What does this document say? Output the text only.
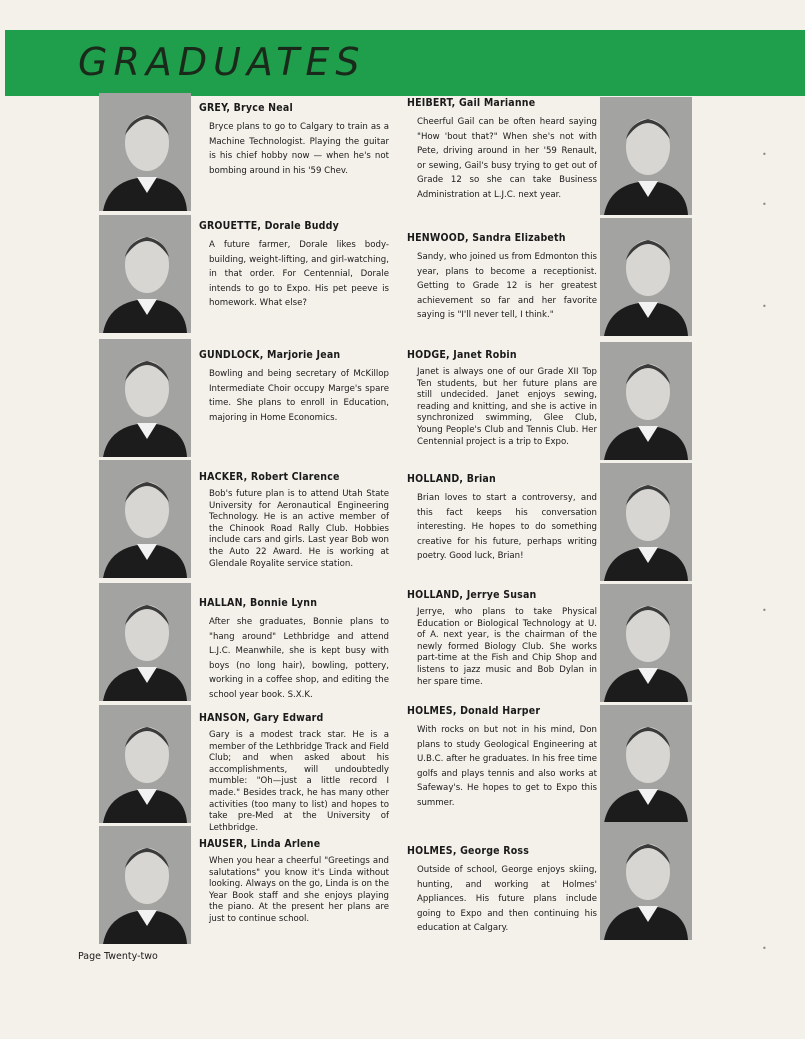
GRADUATES
GREY, Bryce Neal
Bryce plans to go to Calgary to train as a Machine Technologist. Playing the guitar is his chief hobby now — when he's not bombing around in his '59 Chev.
GROUETTE, Dorale Buddy
A future farmer, Dorale likes body-building, weight-lifting, and girl-watching, in that order. For Centennial, Dorale intends to go to Expo. His pet peeve is homework. What else?
GUNDLOCK, Marjorie Jean
Bowling and being secretary of McKillop Intermediate Choir occupy Marge's spare time. She plans to enroll in Education, majoring in Home Economics.
HACKER, Robert Clarence
Bob's future plan is to attend Utah State University for Aeronautical Engineering Technology. He is an active member of the Chinook Road Rally Club. Hobbies include cars and girls. Last year Bob won the Auto 22 Award. He is working at Glendale Royalite service station.
HALLAN, Bonnie Lynn
After she graduates, Bonnie plans to "hang around" Lethbridge and attend L.J.C. Meanwhile, she is kept busy with boys (no long hair), bowling, pottery, working in a coffee shop, and editing the school year book. S.X.K.
HANSON, Gary Edward
Gary is a modest track star. He is a member of the Lethbridge Track and Field Club; and when asked about his accomplishments, will undoubtedly mumble: "Oh—just a little record I made." Besides track, he has many other activities (too many to list) and hopes to take pre-Med at the University of Lethbridge.
HAUSER, Linda Arlene
When you hear a cheerful "Greetings and salutations" you know it's Linda without looking. Always on the go, Linda is on the Year Book staff and she enjoys playing the piano. At the present her plans are just to continue school.
HEIBERT, Gail Marianne
Cheerful Gail can be often heard saying "How 'bout that?" When she's not with Pete, driving around in her '59 Renault, or sewing, Gail's busy trying to get out of Grade 12 so she can take Business Administration at L.J.C. next year.
HENWOOD, Sandra Elizabeth
Sandy, who joined us from Edmonton this year, plans to become a receptionist. Getting to Grade 12 is her greatest achievement so far and her favorite saying is "I'll never tell, I think."
HODGE, Janet Robin
Janet is always one of our Grade XII Top Ten students, but her future plans are still undecided. Janet enjoys sewing, reading and knitting, and she is active in synchronized swimming, Glee Club, Young People's Club and Tennis Club. Her Centennial project is a trip to Expo.
HOLLAND, Brian
Brian loves to start a controversy, and this fact keeps his conversation interesting. He hopes to do something creative for his future, perhaps writing poetry. Good luck, Brian!
HOLLAND, Jerrye Susan
Jerrye, who plans to take Physical Education or Biological Technology at U. of A. next year, is the chairman of the newly formed Biology Club. She works part-time at the Fish and Chip Shop and listens to jazz music and Bob Dylan in her spare time.
HOLMES, Donald Harper
With rocks on but not in his mind, Don plans to study Geological Engineering at U.B.C. after he graduates. In his free time golfs and plays tennis and also works at Safeway's. He hopes to get to Expo this summer.
HOLMES, George Ross
Outside of school, George enjoys skiing, hunting, and working at Holmes' Appliances. His future plans include going to Expo and then continuing his education at Calgary.
Page Twenty-two
•
•
•
•
•
